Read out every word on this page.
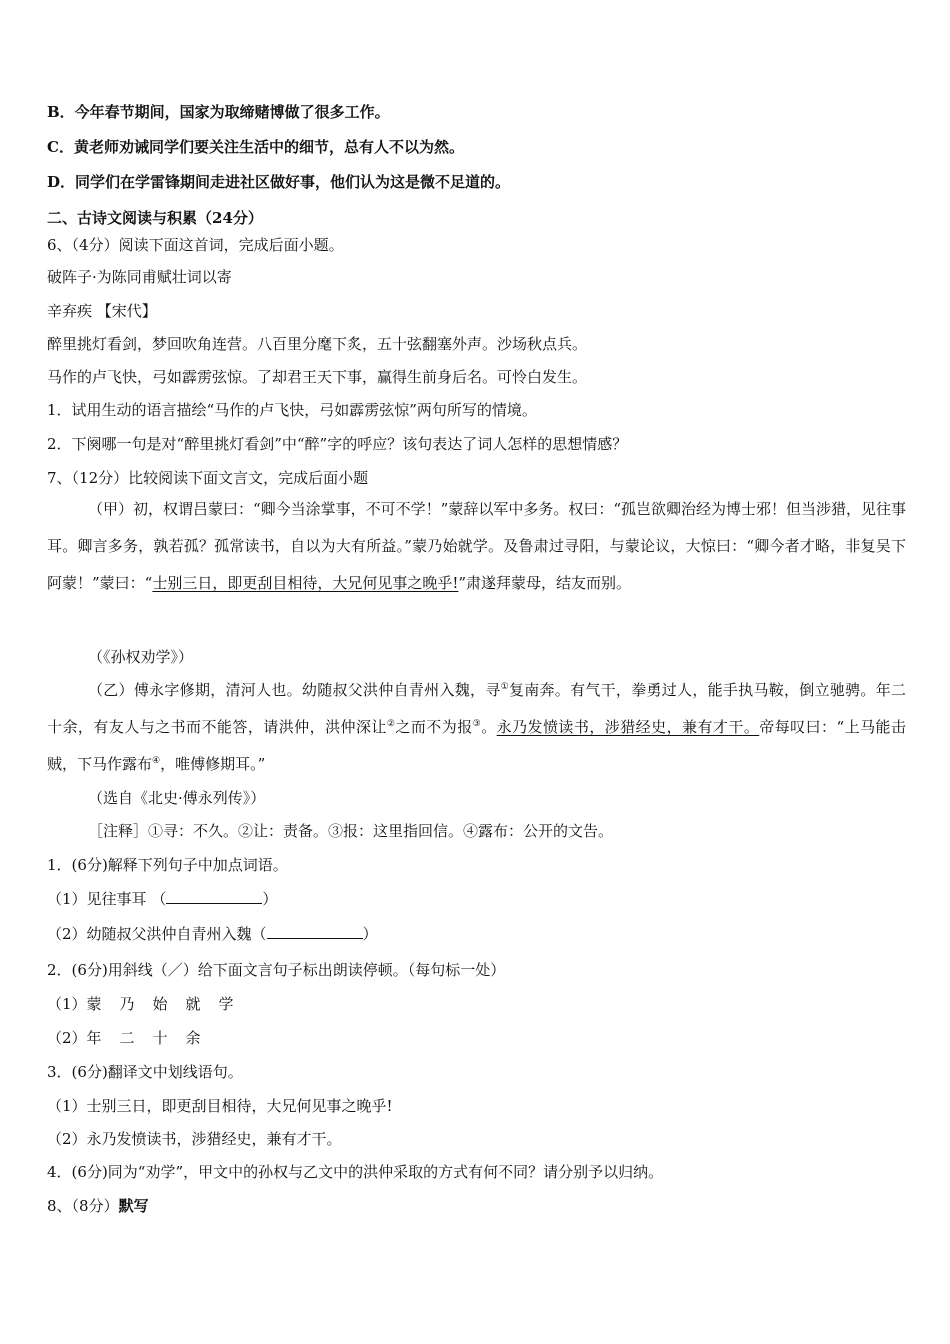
B．今年春节期间，国家为取缔赌博做了很多工作。
C．黄老师劝诫同学们要关注生活中的细节，总有人不以为然。
D．同学们在学雷锋期间走进社区做好事，他们认为这是微不足道的。
二、古诗文阅读与积累（24分）
6、（4分）阅读下面这首词，完成后面小题。
破阵子·为陈同甫赋壮词以寄
辛弃疾 【宋代】
醉里挑灯看剑，梦回吹角连营。八百里分麾下炙，五十弦翻塞外声。沙场秋点兵。
马作的卢飞快，弓如霹雳弦惊。了却君王天下事，赢得生前身后名。可怜白发生。
1．试用生动的语言描绘“马作的卢飞快，弓如霹雳弦惊”两句所写的情境。
2．下阕哪一句是对“醉里挑灯看剑”中“醉”字的呼应？该句表达了词人怎样的思想情感？
7、（12分）比较阅读下面文言文，完成后面小题
（甲）初，权谓吕蒙曰：“卿今当涂掌事，不可不学！”蒙辞以军中多务。权曰：“孤岂欲卿治经为博士邪！但当涉猎，见往事耳。卿言多务，孰若孤？孤常读书，自以为大有所益。”蒙乃始就学。及鲁肃过寻阳，与蒙论议，大惊曰：“卿今者才略，非复吴下阿蒙！”蒙曰：“士别三日，即更刮目相待，大兄何见事之晚乎!”肃遂拜蒙母，结友而别。
（《孙权劝学》）
（乙）傅永字修期，清河人也。幼随叔父洪仲自青州入魏，寻①复南奔。有气干，拳勇过人，能手执马鞍，倒立驰骋。年二十余，有友人与之书而不能答，请洪仲，洪仲深让②之而不为报③。永乃发愤读书，涉猎经史，兼有才干。帝每叹曰：“上马能击贼，下马作露布④，唯傅修期耳。”
（选自《北史·傅永列传》）
［注释］①寻：不久。②让：责备。③报：这里指回信。④露布：公开的文告。
1．(6分)解释下列句子中加点词语。
（1）见往事耳 （	）
（2）幼随叔父洪仲自青州入魏（	）
2．(6分)用斜线（／）给下面文言句子标出朗读停顿。（每句标一处）
（1）蒙乃始就学
（2）年二十余
3．(6分)翻译文中划线语句。
（1）士别三日，即更刮目相待，大兄何见事之晚乎!
（2）永乃发愤读书，涉猎经史，兼有才干。
4．(6分)同为“劝学”，甲文中的孙权与乙文中的洪仲采取的方式有何不同？请分别予以归纳。
8、（8分）默写
